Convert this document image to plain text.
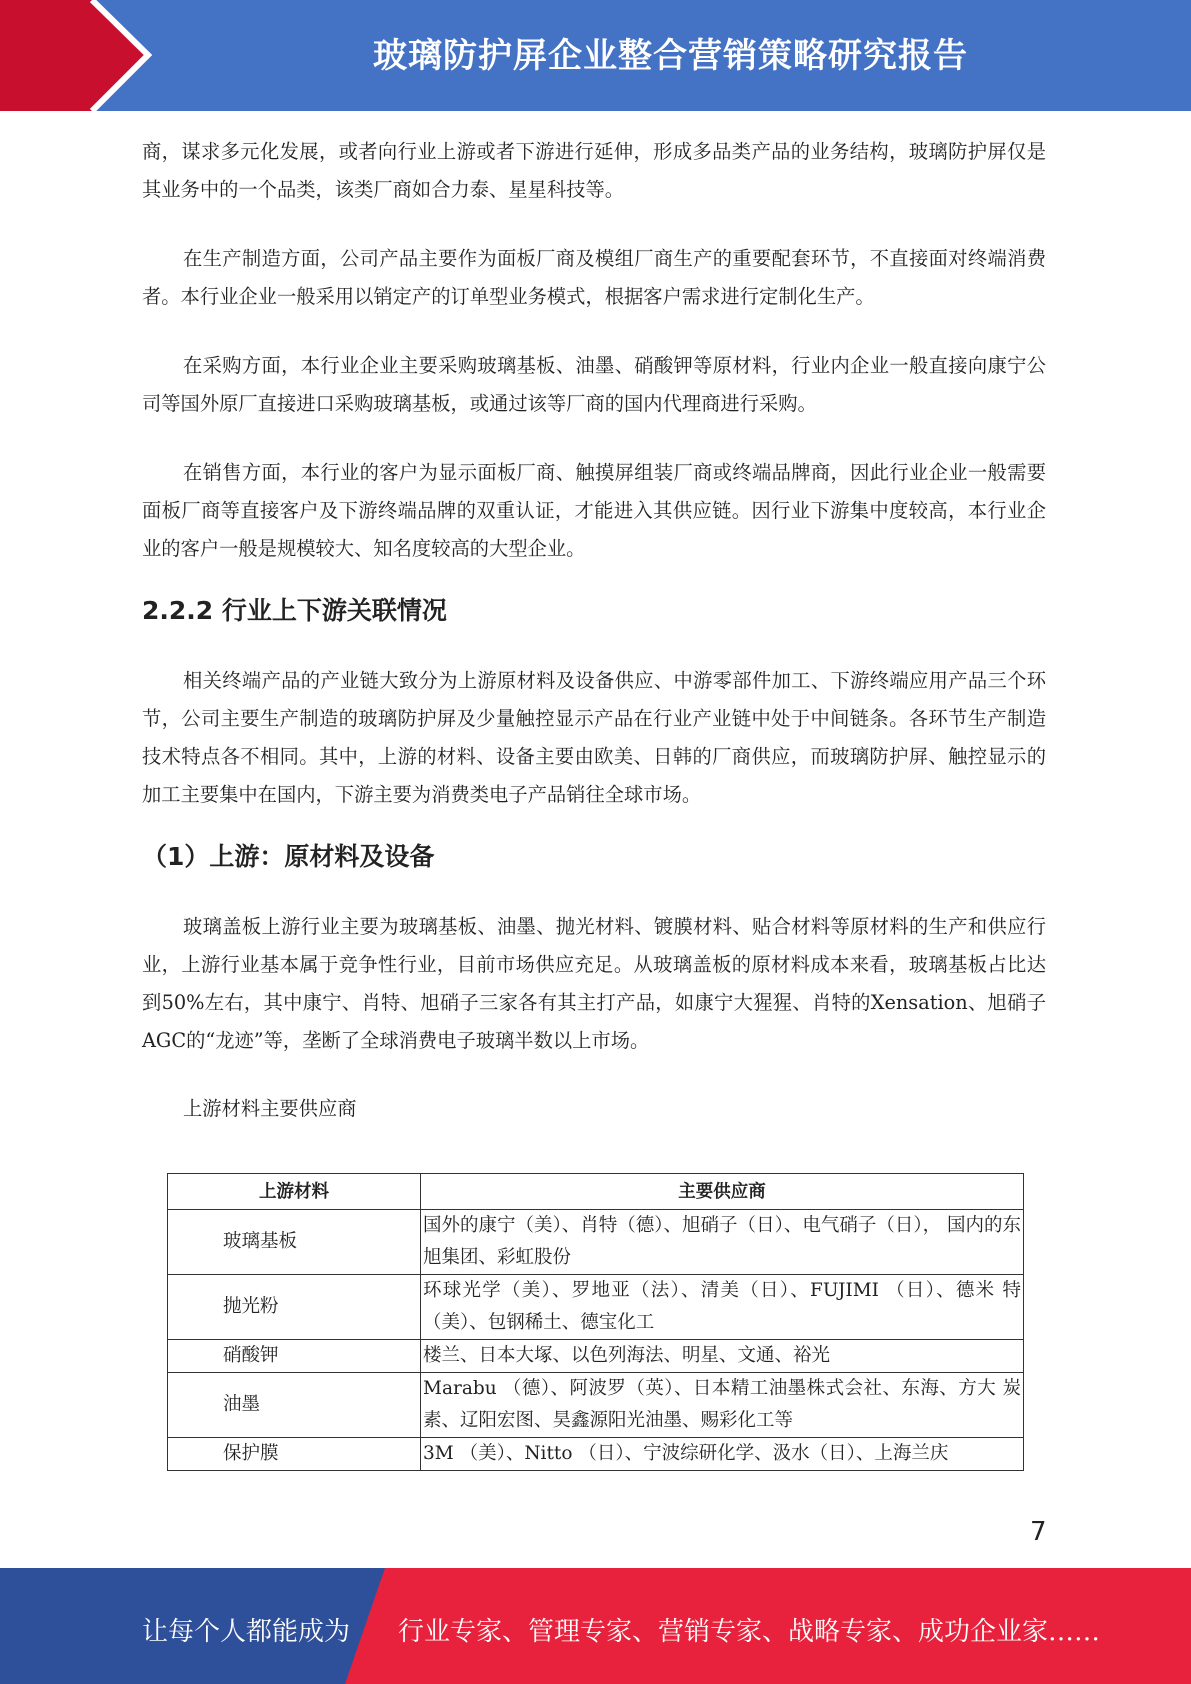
玻璃防护屏企业整合营销策略研究报告

商，谋求多元化发展，或者向行业上游或者下游进行延伸，形成多品类产品的业务结构，玻璃防护屏仅是其业务中的一个品类，该类厂商如合力泰、星星科技等。

在生产制造方面，公司产品主要作为面板厂商及模组厂商生产的重要配套环节，不直接面对终端消费者。本行业企业一般采用以销定产的订单型业务模式，根据客户需求进行定制化生产。

在采购方面，本行业企业主要采购玻璃基板、油墨、硝酸钾等原材料，行业内企业一般直接向康宁公司等国外原厂直接进口采购玻璃基板，或通过该等厂商的国内代理商进行采购。

在销售方面，本行业的客户为显示面板厂商、触摸屏组装厂商或终端品牌商，因此行业企业一般需要面板厂商等直接客户及下游终端品牌的双重认证，才能进入其供应链。因行业下游集中度较高，本行业企业的客户一般是规模较大、知名度较高的大型企业。

2.2.2 行业上下游关联情况

相关终端产品的产业链大致分为上游原材料及设备供应、中游零部件加工、下游终端应用产品三个环节，公司主要生产制造的玻璃防护屏及少量触控显示产品在行业产业链中处于中间链条。各环节生产制造技术特点各不相同。其中，上游的材料、设备主要由欧美、日韩的厂商供应，而玻璃防护屏、触控显示的加工主要集中在国内，下游主要为消费类电子产品销往全球市场。

（1）上游：原材料及设备

玻璃盖板上游行业主要为玻璃基板、油墨、抛光材料、镀膜材料、贴合材料等原材料的生产和供应行业，上游行业基本属于竞争性行业，目前市场供应充足。从玻璃盖板的原材料成本来看，玻璃基板占比达到50%左右，其中康宁、肖特、旭硝子三家各有其主打产品，如康宁大猩猩、肖特的Xensation、旭硝子AGC的“龙迹”等，垄断了全球消费电子玻璃半数以上市场。

上游材料主要供应商

上游材料	主要供应商
玻璃基板	国外的康宁（美）、肖特（德）、旭硝子（日）、电气硝子（日）， 国内的东旭集团、彩虹股份
抛光粉	环球光学（美）、罗地亚（法）、清美（日）、FUJIMI （日）、德米 特（美）、包钢稀土、德宝化工
硝酸钾	楼兰、日本大塚、以色列海法、明星、文通、裕光
油墨	Marabu （德）、阿波罗（英）、日本精工油墨株式会社、东海、方大 炭素、辽阳宏图、昊鑫源阳光油墨、赐彩化工等
保护膜	3M （美）、Nitto （日）、宁波综研化学、汲水（日）、上海兰庆
7
让每个人都能成为 行业专家、管理专家、营销专家、战略专家、成功企业家……
